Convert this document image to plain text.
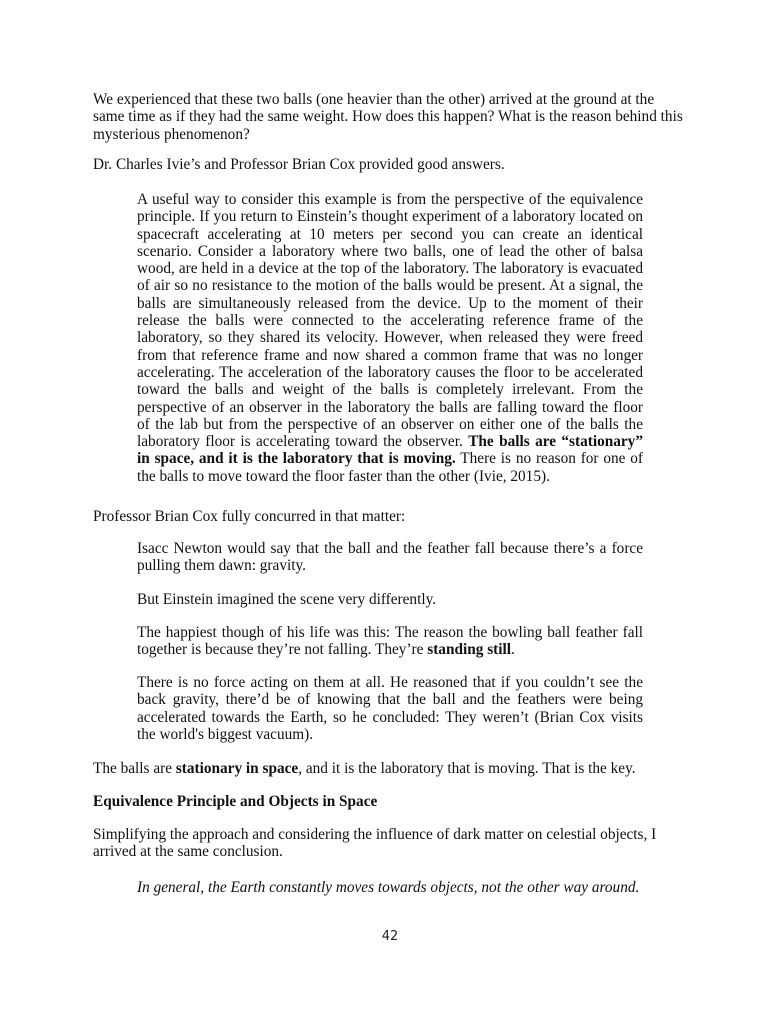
We experienced that these two balls (one heavier than the other) arrived at the ground at the same time as if they had the same weight. How does this happen? What is the reason behind this mysterious phenomenon?

Dr. Charles Ivie’s and Professor Brian Cox provided good answers.

A useful way to consider this example is from the perspective of the equivalence principle. If you return to Einstein’s thought experiment of a laboratory located on spacecraft accelerating at 10 meters per second you can create an identical scenario. Consider a laboratory where two balls, one of lead the other of balsa wood, are held in a device at the top of the laboratory. The laboratory is evacuated of air so no resistance to the motion of the balls would be present. At a signal, the balls are simultaneously released from the device. Up to the moment of their release the balls were connected to the accelerating reference frame of the laboratory, so they shared its velocity. However, when released they were freed from that reference frame and now shared a common frame that was no longer accelerating. The acceleration of the laboratory causes the floor to be accelerated toward the balls and weight of the balls is completely irrelevant. From the perspective of an observer in the laboratory the balls are falling toward the floor of the lab but from the perspective of an observer on either one of the balls the laboratory floor is accelerating toward the observer. The balls are “stationary” in space, and it is the laboratory that is moving. There is no reason for one of the balls to move toward the floor faster than the other (Ivie, 2015).

Professor Brian Cox fully concurred in that matter:

Isacc Newton would say that the ball and the feather fall because there’s a force pulling them dawn: gravity.

But Einstein imagined the scene very differently.

The happiest though of his life was this: The reason the bowling ball feather fall together is because they’re not falling. They’re standing still.

There is no force acting on them at all. He reasoned that if you couldn’t see the back gravity, there’d be of knowing that the ball and the feathers were being accelerated towards the Earth, so he concluded: They weren’t (Brian Cox visits the world's biggest vacuum).

The balls are stationary in space, and it is the laboratory that is moving. That is the key.

Equivalence Principle and Objects in Space

Simplifying the approach and considering the influence of dark matter on celestial objects, I arrived at the same conclusion.

In general, the Earth constantly moves towards objects, not the other way around.

42
